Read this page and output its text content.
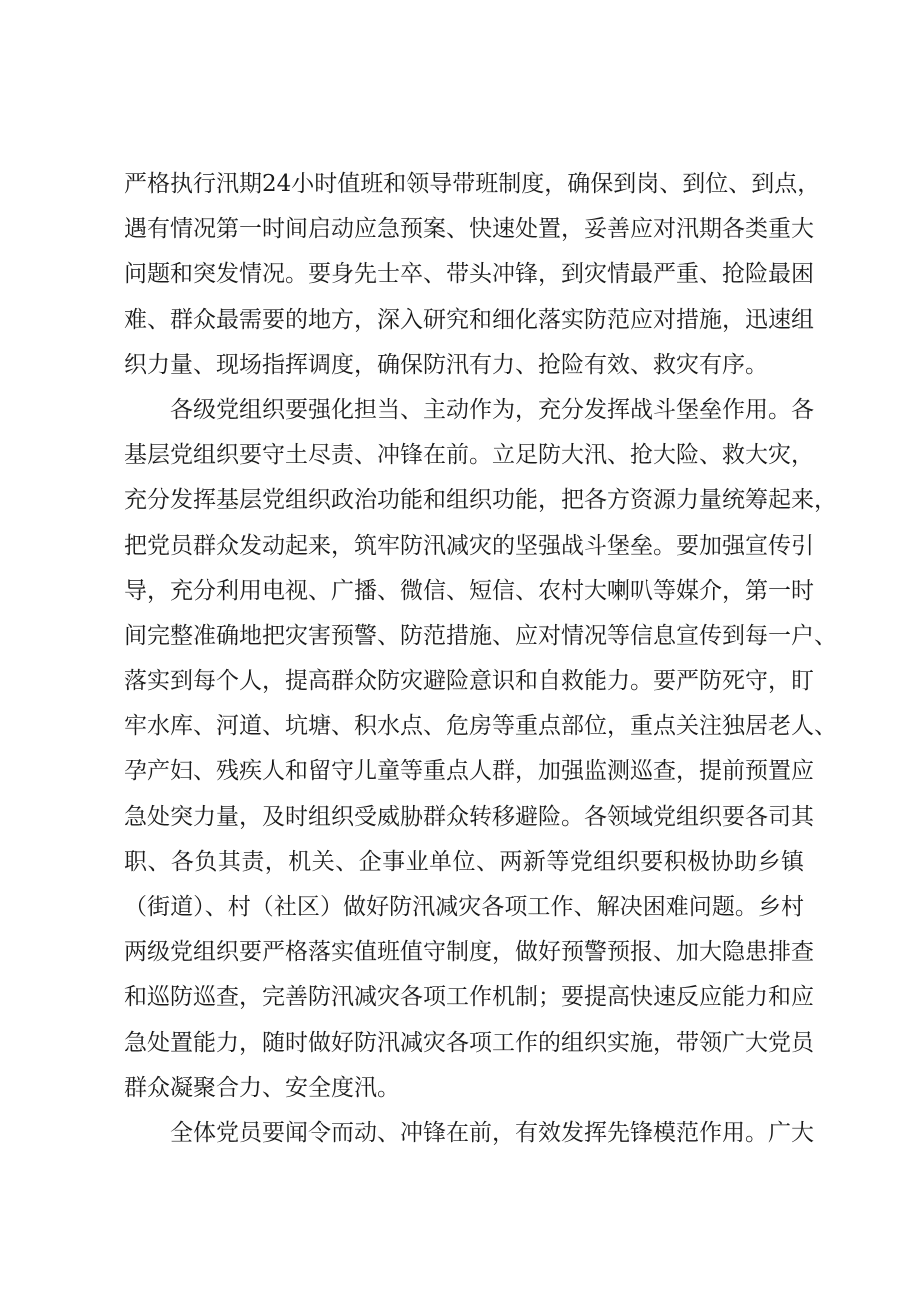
严格执行汛期24小时值班和领导带班制度，确保到岗、到位、到点，
遇有情况第一时间启动应急预案、快速处置，妥善应对汛期各类重大
问题和突发情况。要身先士卒、带头冲锋，到灾情最严重、抢险最困
难、群众最需要的地方，深入研究和细化落实防范应对措施，迅速组
织力量、现场指挥调度，确保防汛有力、抢险有效、救灾有序。
各级党组织要强化担当、主动作为，充分发挥战斗堡垒作用。各
基层党组织要守土尽责、冲锋在前。立足防大汛、抢大险、救大灾，
充分发挥基层党组织政治功能和组织功能，把各方资源力量统筹起来，
把党员群众发动起来，筑牢防汛减灾的坚强战斗堡垒。要加强宣传引
导，充分利用电视、广播、微信、短信、农村大喇叭等媒介，第一时
间完整准确地把灾害预警、防范措施、应对情况等信息宣传到每一户、
落实到每个人，提高群众防灾避险意识和自救能力。要严防死守，盯
牢水库、河道、坑塘、积水点、危房等重点部位，重点关注独居老人、
孕产妇、残疾人和留守儿童等重点人群，加强监测巡查，提前预置应
急处突力量，及时组织受威胁群众转移避险。各领域党组织要各司其
职、各负其责，机关、企事业单位、两新等党组织要积极协助乡镇
（街道）、村（社区）做好防汛减灾各项工作、解决困难问题。乡村
两级党组织要严格落实值班值守制度，做好预警预报、加大隐患排查
和巡防巡查，完善防汛减灾各项工作机制；要提高快速反应能力和应
急处置能力，随时做好防汛减灾各项工作的组织实施，带领广大党员
群众凝聚合力、安全度汛。
全体党员要闻令而动、冲锋在前，有效发挥先锋模范作用。广大
